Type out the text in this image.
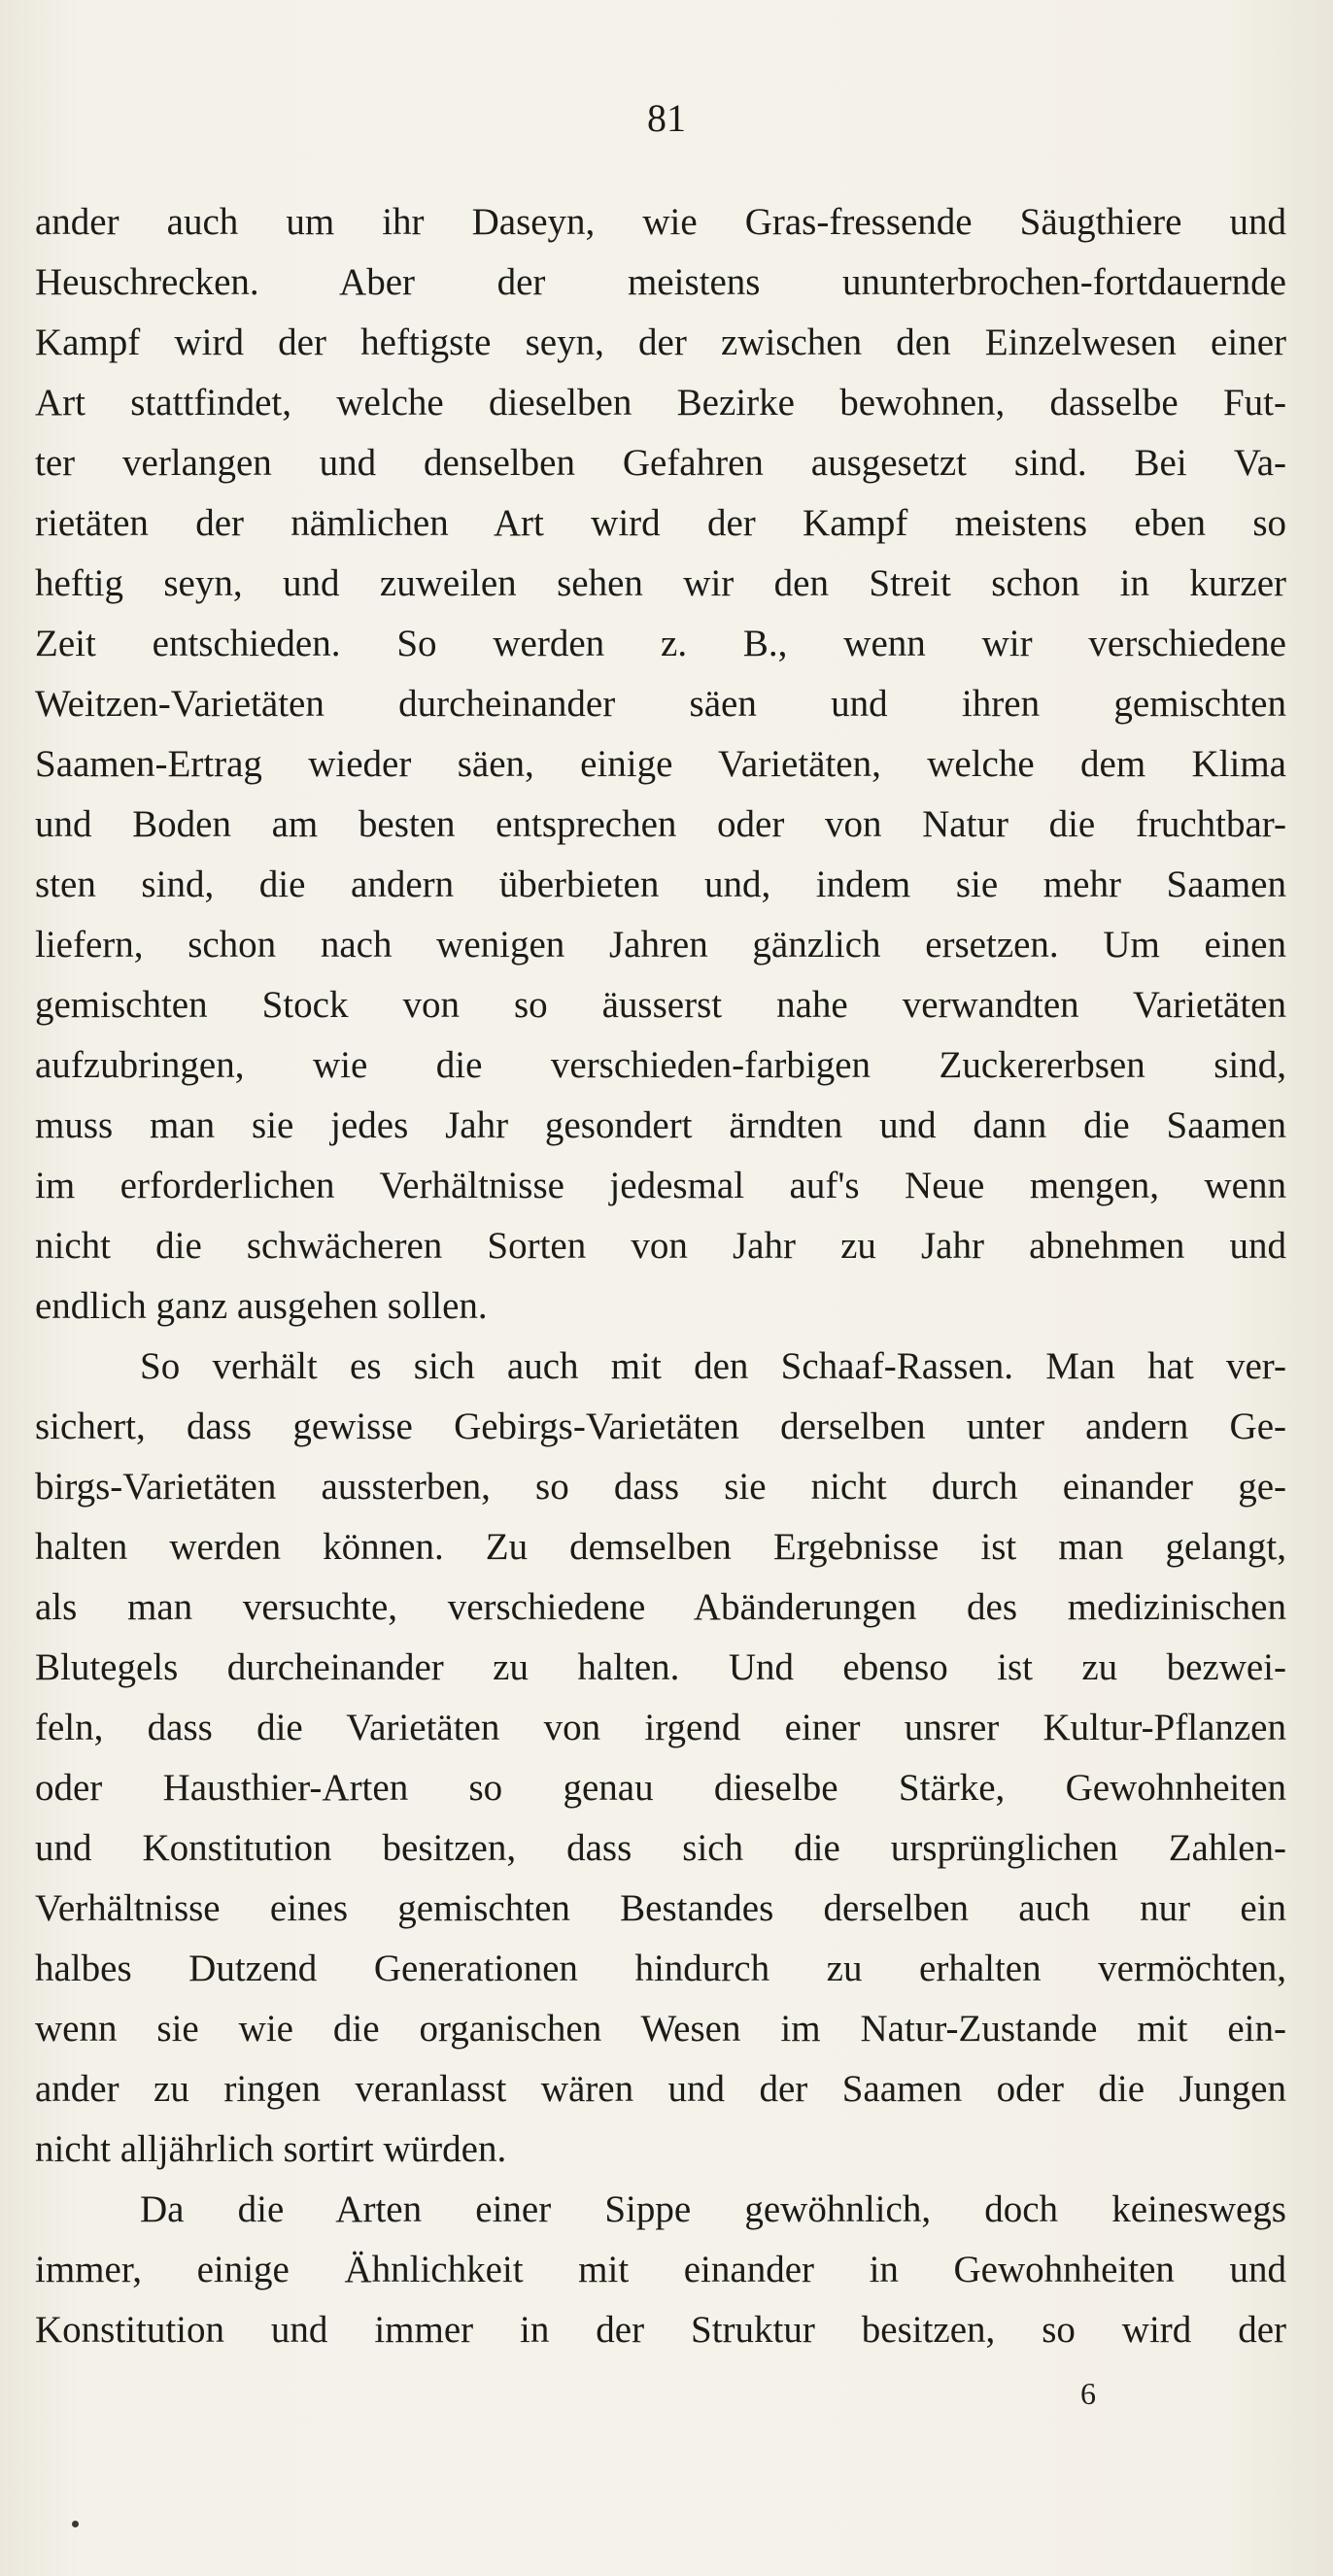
81
ander auch um ihr Daseyn, wie Gras-fressende Säugthiere und
Heuschrecken. Aber der meistens ununterbrochen-fortdauernde
Kampf wird der heftigste seyn, der zwischen den Einzelwesen einer
Art stattfindet, welche dieselben Bezirke bewohnen, dasselbe Fut-
ter verlangen und denselben Gefahren ausgesetzt sind. Bei Va-
rietäten der nämlichen Art wird der Kampf meistens eben so
heftig seyn, und zuweilen sehen wir den Streit schon in kurzer
Zeit entschieden. So werden z. B., wenn wir verschiedene
Weitzen-Varietäten durcheinander säen und ihren gemischten
Saamen-Ertrag wieder säen, einige Varietäten, welche dem Klima
und Boden am besten entsprechen oder von Natur die fruchtbar-
sten sind, die andern überbieten und, indem sie mehr Saamen
liefern, schon nach wenigen Jahren gänzlich ersetzen. Um einen
gemischten Stock von so äusserst nahe verwandten Varietäten
aufzubringen, wie die verschieden-farbigen Zuckererbsen sind,
muss man sie jedes Jahr gesondert ärndten und dann die Saamen
im erforderlichen Verhältnisse jedesmal auf's Neue mengen, wenn
nicht die schwächeren Sorten von Jahr zu Jahr abnehmen und
endlich ganz ausgehen sollen.
So verhält es sich auch mit den Schaaf-Rassen. Man hat ver-
sichert, dass gewisse Gebirgs-Varietäten derselben unter andern Ge-
birgs-Varietäten aussterben, so dass sie nicht durch einander ge-
halten werden können. Zu demselben Ergebnisse ist man gelangt,
als man versuchte, verschiedene Abänderungen des medizinischen
Blutegels durcheinander zu halten. Und ebenso ist zu bezwei-
feln, dass die Varietäten von irgend einer unsrer Kultur-Pflanzen
oder Hausthier-Arten so genau dieselbe Stärke, Gewohnheiten
und Konstitution besitzen, dass sich die ursprünglichen Zahlen-
Verhältnisse eines gemischten Bestandes derselben auch nur ein
halbes Dutzend Generationen hindurch zu erhalten vermöchten,
wenn sie wie die organischen Wesen im Natur-Zustande mit ein-
ander zu ringen veranlasst wären und der Saamen oder die Jungen
nicht alljährlich sortirt würden.
Da die Arten einer Sippe gewöhnlich, doch keineswegs
immer, einige Ähnlichkeit mit einander in Gewohnheiten und
Konstitution und immer in der Struktur besitzen, so wird der
6
